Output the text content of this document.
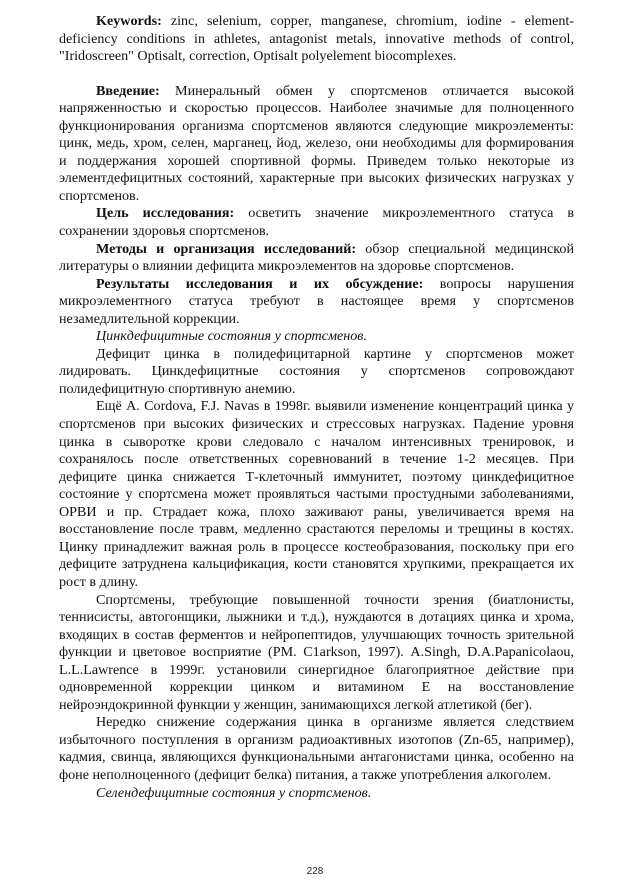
Keywords: zinc, selenium, copper, manganese, chromium, iodine - element-deficiency conditions in athletes, antagonist metals, innovative methods of control, "Iridoscreen" Optisalt, correction, Optisalt polyelement biocomplexes.

Введение: Минеральный обмен у спортсменов отличается высокой напряженностью и скоростью процессов. Наиболее значимые для полноценного функционирования организма спортсменов являются следующие микроэлементы: цинк, медь, хром, селен, марганец, йод, железо, они необходимы для формирования и поддержания хорошей спортивной формы. Приведем только некоторые из элементдефицитных состояний, характерные при высоких физических нагрузках у спортсменов.

Цель исследования: осветить значение микроэлементного статуса в сохранении здоровья спортсменов.

Методы и организация исследований: обзор специальной медицинской литературы о влиянии дефицита микроэлементов на здоровье спортсменов.

Результаты исследования и их обсуждение: вопросы нарушения микроэлементного статуса требуют в настоящее время у спортсменов незамедлительной коррекции.

Цинкдефицитные состояния у спортсменов.

Дефицит цинка в полидефицитарной картине у спортсменов может лидировать. Цинкдефицитные состояния у спортсменов сопровождают полидефицитную спортивную анемию.

Ещё A. Cordova, F.J. Navas в 1998г. выявили изменение концентраций цинка у спортсменов при высоких физических и стрессовых нагрузках. Падение уровня цинка в сыворотке крови следовало с началом интенсивных тренировок, и сохранялось после ответственных соревнований в течение 1-2 месяцев. При дефиците цинка снижается Т-клеточный иммунитет, поэтому цинкдефицитное состояние у спортсмена может проявляться частыми простудными заболеваниями, ОРВИ и пр. Страдает кожа, плохо заживают раны, увеличивается время на восстановление после травм, медленно срастаются переломы и трещины в костях. Цинку принадлежит важная роль в процессе костеобразования, поскольку при его дефиците затруднена кальцификация, кости становятся хрупкими, прекращается их рост в длину.

Спортсмены, требующие повышенной точности зрения (биатлонисты, теннисисты, автогонщики, лыжники и т.д.), нуждаются в дотациях цинка и хрома, входящих в состав ферментов и нейропептидов, улучшающих точность зрительной функции и цветовое восприятие (PM. C1arkson, 1997). A.Singh, D.A.Papanicolaou, L.L.Lawrence в 1999г. установили синергидное благоприятное действие при одновременной коррекции цинком и витамином Е на восстановление нейроэндокринной функции у женщин, занимающихся легкой атлетикой (бег).

Нередко снижение содержания цинка в организме является следствием избыточного поступления в организм радиоактивных изотопов (Zn-65, например), кадмия, свинца, являющихся функциональными антагонистами цинка, особенно на фоне неполноценного (дефицит белка) питания, а также употребления алкоголем.

Селендефицитные состояния у спортсменов.

228
